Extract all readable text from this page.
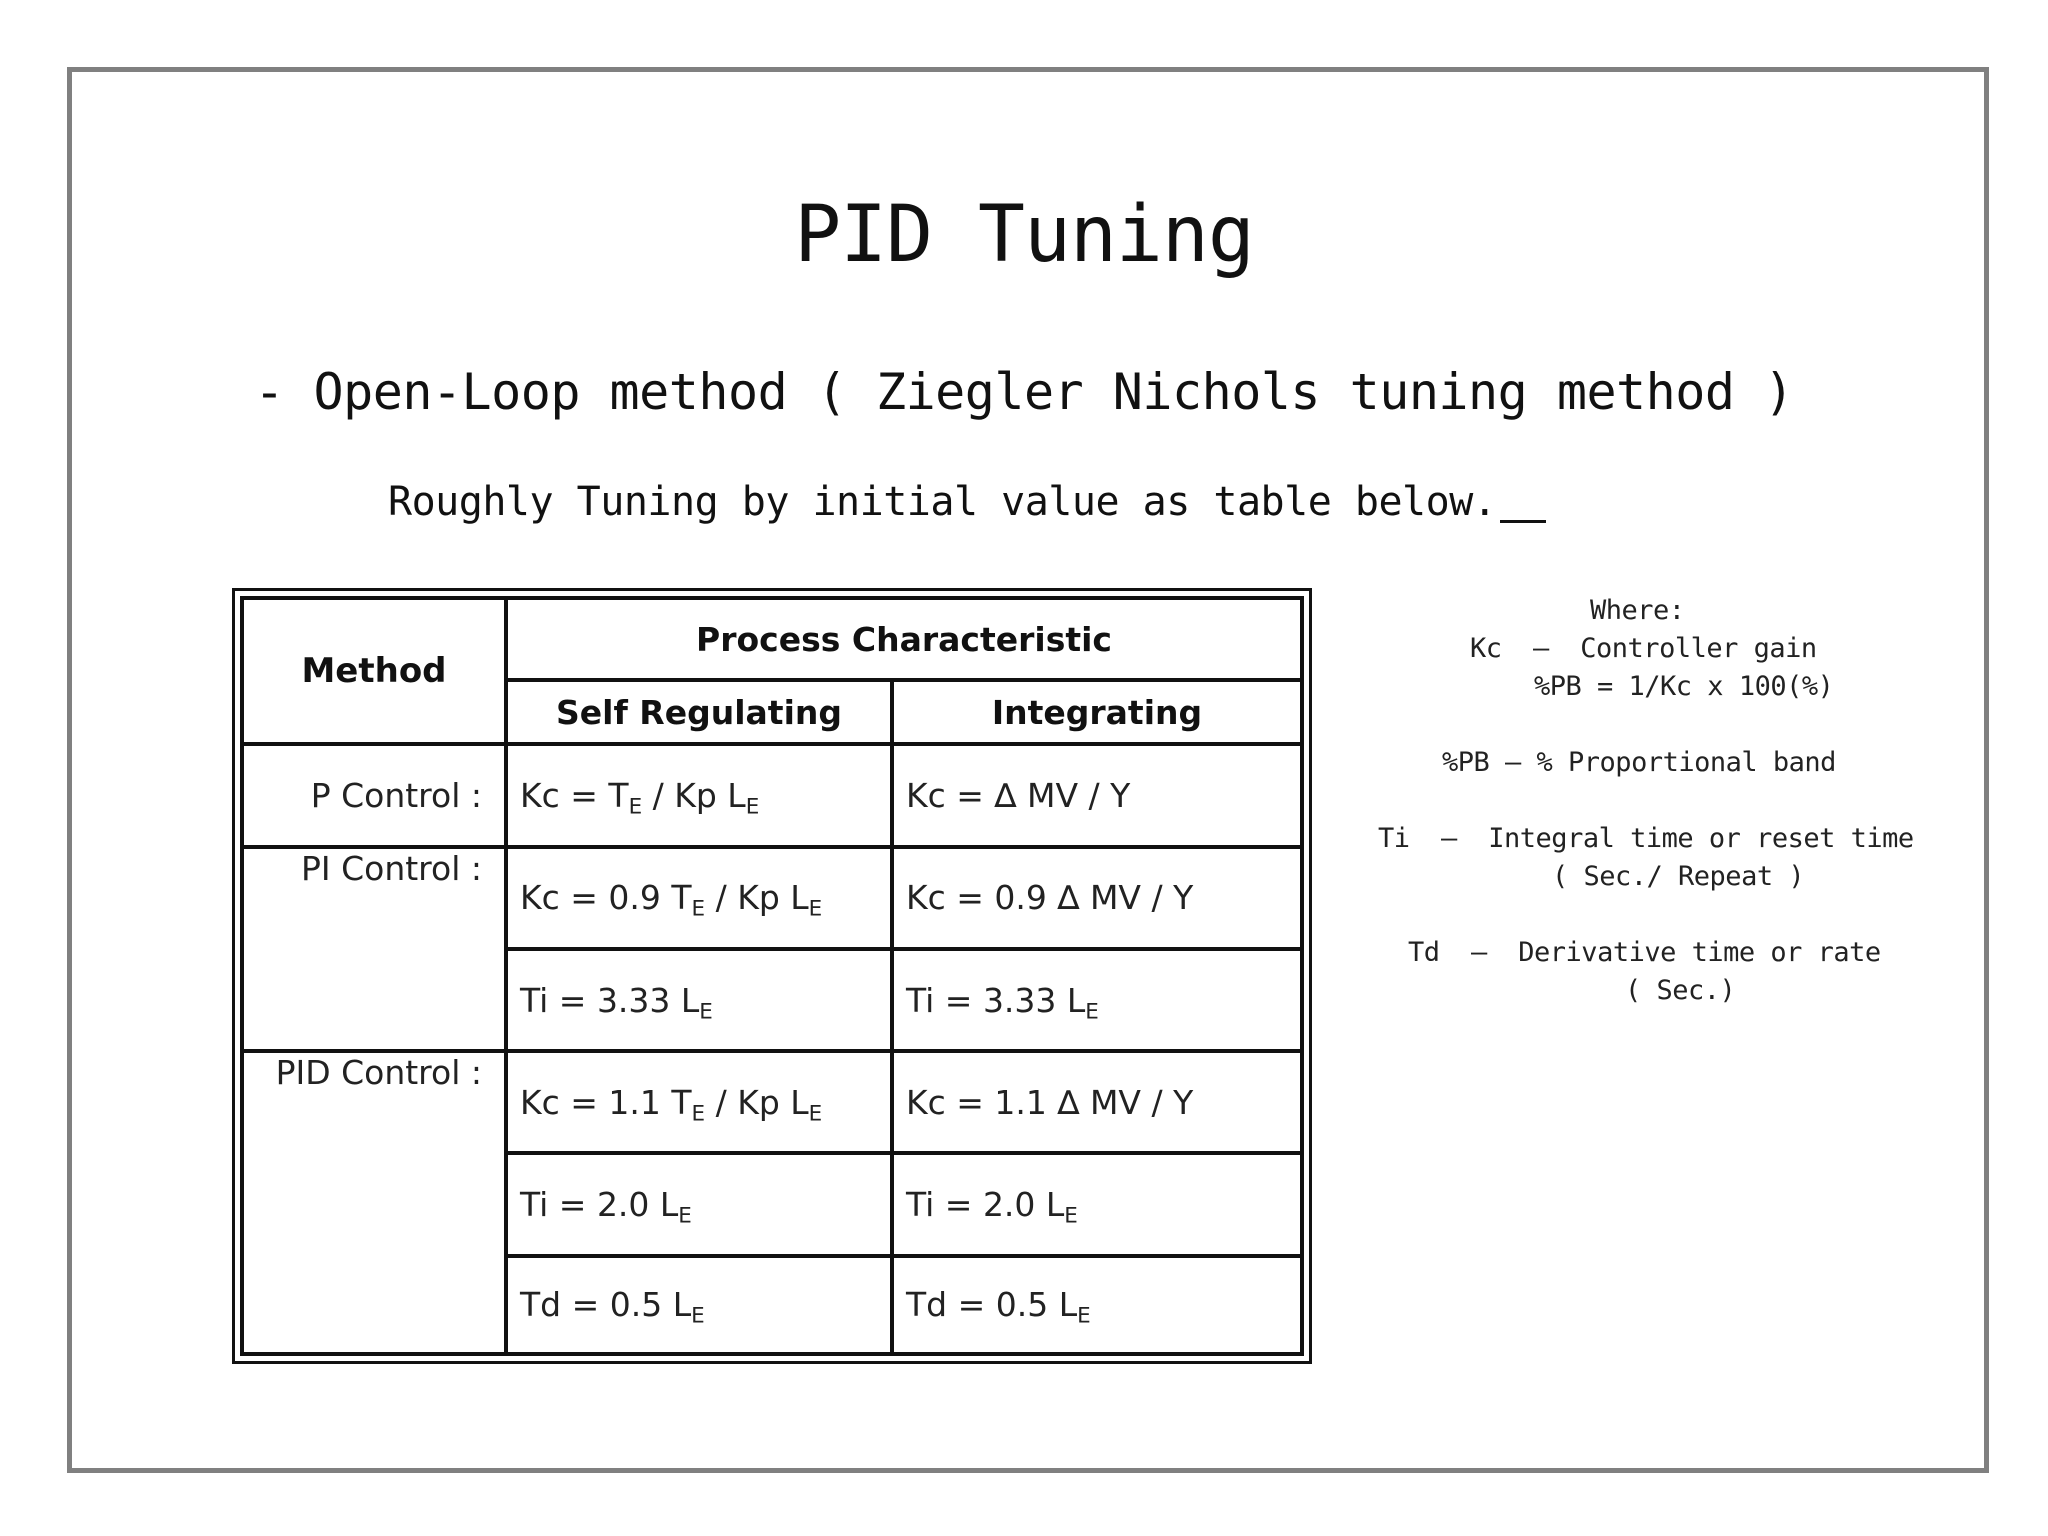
PID Tuning
- Open-Loop method ( Ziegler Nichols tuning method )
Roughly Tuning by initial value as table below.
Method	Process Characteristic	
	Self Regulating	Integrating
P Control :	$Kc = T_E / Kp$ $L_E$	Kc = ∆ MV / Y
PI Control :	Kc = 0.9 $T_E$ / Kp $L_E$	Kc = 0.9 ∆ MV / Y
	Ti = 3.33 $L_E$	Ti = 3.33 $L_E$
PID Control :	Kc = 1.1 $T_E$ / Kp $L_E$	Kc = 1.1 ∆ MV / Y
	Ti = 2.0 $L_E$	Ti = 2.0 $L_E$
	Td = 0.5 $L_E$	Td = 0.5 $L_E$
Where:
Kc  –  Controller gain
%PB = 1/Kc x 100(%)
%PB – % Proportional band
Ti  –  Integral time or reset time
( Sec./ Repeat )
Td  –  Derivative time or rate
( Sec.)
